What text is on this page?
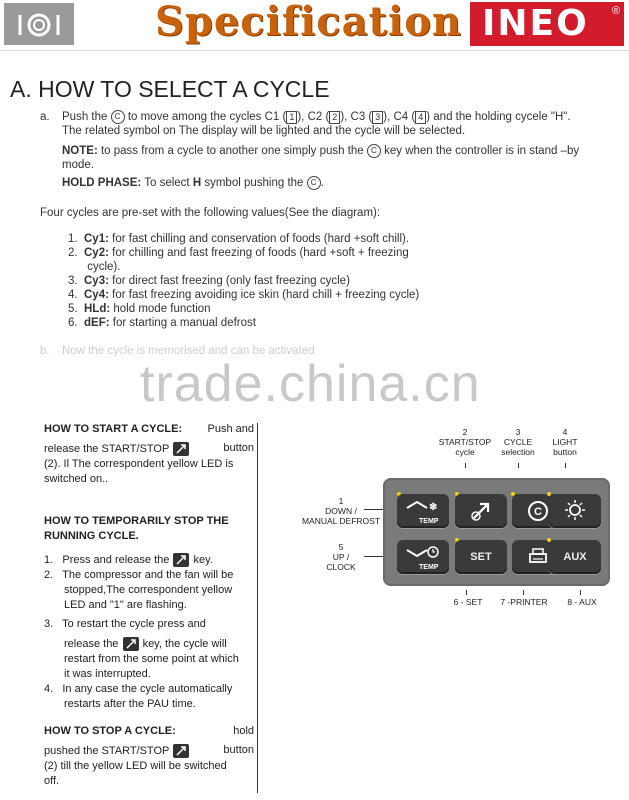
Specification INEO ®
A. HOW TO SELECT A CYCLE
a. Push the C to move among the cycles C1 ( 1 ), C2 ( 2 ), C3 ( 3 ), C4 ( 4 ) and the holding cycele "H".
The related symbol on The display will be lighted and the cycle will be selected.
NOTE: to pass from a cycle to another one simply push the C key when the controller is in stand –by
mode.
HOLD PHASE: To select H symbol pushing the C .
Four cycles are pre-set with the following values(See the diagram):
1. Cy1: for fast chilling and conservation of foods (hard +soft chill).
2. Cy2: for chilling and fast freezing of foods (hard +soft + freezing
cycle).
3. Cy3: for direct fast freezing (only fast freezing cycle)
4. Cy4: for fast freezing avoiding ice skin (hard chill + freezing cycle)
5. HLd: hold mode function
6. dEF: for starting a manual defrost
trade.china.cn
HOW TO START A CYCLE: Push and
release the START/STOP	button
(2). Il The correspondent yellow LED is
switched on..
HOW TO TEMPORARILY STOP THE
RUNNING CYCLE.
1. Press and release the key.
2. The compressor and the fan will be
stopped,The correspondent yellow
LED and "1" are flashing.
3. To restart the cycle press and
release the key, the cycle will
restart from the some point at which
it was interrupted.
4. In any case the cycle automatically
restarts after the PAU time.
HOW TO STOP A CYCLE:	hold
pushed the START/STOP	button
(2) till the yellow LED will be switched
off.
2
START/STOP
cycle
3
CYCLE
selection
4
LIGHT
button
1
DOWN /
MANUAL DEFROST
5
UP /
CLOCK
TEMP
❄	C
TEMP
SET	AUX
6 - SET	7 -PRINTER	8 - AUX
